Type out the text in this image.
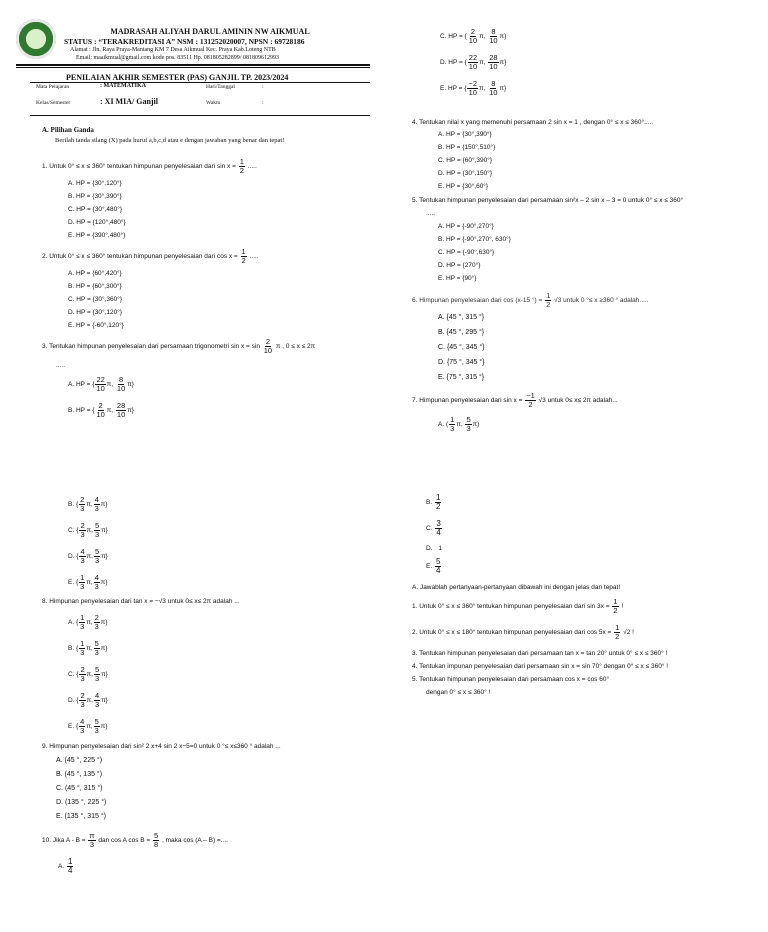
MADRASAH ALIYAH DARUL AMININ NW AIKMUAL
STATUS : “TERAKREDITASI A” NSM : 131252020007, NPSN : 69728186
Alamat : Jln. Raya Praya-Mantang KM 7 Desa Aikmual Kec. Praya Kab.Loteng NTB
Email: maaikmual@gmail.com kode pos. 83511 Hp. 081805282899/ 081809612993
PENILAIAN AKHIR SEMESTER (PAS) GANJIL TP. 2023/2024
Mata Pelajaran	: MATEMATIKA	Hari/Tanggal	:
Kelas/Semester	: XI MIA/ Ganjil	Waktu	:
A. Pilihan Ganda
Berilah tanda silang (X) pada huruf a,b,c,d atau e dengan jawaban yang benar dan tepat!
1. Untuk 0° ≤ x ≤ 360° tentukan himpunan penyelesaian dari $\sin x = \frac{1}{2}$ .....
A. HP = {30°,120°}
B. HP = {30°,390°}
C. HP = {30°,480°}
D. HP = {120°,480°}
E. HP = {390°,480°}
2. Untuk 0° ≤ x ≤ 360° tentukan himpunan penyelesaian dari $\cos x = \frac{1}{2}$ .....
A. HP = {60°,420°}
B. HP = {60°,300°}
C. HP = {30°,360°}
D. HP = {30°,120°}
E. HP = {-60°,120°}
3. Tentukan himpunan penyelesaian dari persamaan trigonometri $\sin x = \sin \frac{2}{10}$ π , 0 ≤ x ≤ 2π
.....
A. HP = { $\frac{22}{10} \pi$, $\frac{8}{10} \pi$}
B. HP = { $\frac{2}{10} \pi$, $\frac{28}{10} \pi$}
C. HP = { $\frac{2}{10} \pi$, $\frac{8}{10} \pi$}
D. HP = { $\frac{22}{10} \pi$, $\frac{28}{10} \pi$}
E. HP = { $\frac{-2}{10} \pi$, $\frac{8}{10} \pi$}
4. Tentukan nilai x yang memenuhi persamaan 2 sin x = 1 , dengan 0° ≤ x ≤ 360°.....
A. HP = {30°,390°}
B. HP = {150°,510°}
C. HP = {60°,390°}
D. HP = {30°,150°}
E. HP = {30°,60°}
5. Tentukan himpunan penyelesaian dari persamaan sin²x – 2 sin x – 3 = 0 untuk 0° ≤ x ≤ 360°
.....
A. HP = {-90°,270°}
B. HP = {-90°,270°, 630°}
C. HP = {-90°,630°}
D. HP = {270°}
E. HP = {90°}
6. Himpunan penyelesaian dari cos (x-15 °) = $\frac{1}{2} √3$ untuk 0 °≤ x ≥360 ° adalah.....
A. {45 °, 315 °}
B. {45 °, 295 °}
C. {45 °, 345 °}
D. {75 °, 345 °}
E. {75 °, 315 °}
7. Himpunan penyelesaian dari $\sin x = \frac{-1}{2} √3$ untuk 0≤ x≤ 2π adalah...
A. ( $\frac{1}{3} \pi$, $\frac{5}{3} \pi$)
B. { $\frac{2}{3} \pi$, $\frac{4}{3} \pi$}
C. { $\frac{2}{3} \pi$, $\frac{5}{3} \pi$}
D. { $\frac{4}{3} \pi$, $\frac{5}{3} \pi$}
E. { $\frac{1}{3} \pi$, $\frac{4}{3} \pi$}
8. Himpunan penyelesaian dari tan x = −√3 untuk 0≤ x≤ 2π adalah ...
A. { $\frac{1}{3} \pi$, $\frac{2}{3} \pi$}
B. { $\frac{1}{3} \pi$, $\frac{5}{3} \pi$}
C. { $\frac{2}{3} \pi$, $\frac{5}{3} \pi$}
D. { $\frac{2}{3} \pi$, $\frac{4}{3} \pi$}
E. { $\frac{4}{3} \pi$, $\frac{5}{3} \pi$}
9. Himpunan penyelesaian dari sin² 2 x+4 sin 2 x−5=0 untuk 0 °≤ x≤360 ° adalah ...
A. (45 °, 225 °)
B. (45 °, 135 °)
C. (45 °, 315 °)
D. (135 °, 225 °)
E. (135 °, 315 °)
10. Jika $A - B = \frac{\pi}{3}$ dan cos A $\cos B = \frac{5}{8}$ , maka cos (A – B) =....
A. $\frac{1}{4}$
B. $\frac{1}{2}$
C. $\frac{3}{4}$
D. 1
E. $\frac{5}{4}$
A. Jawablah pertanyaan-pertanyaan dibawah ini dengan jelas dan tepat!
1. Untuk 0° ≤ x ≤ 360° tentukan himpunan penyelesaian dari $\sin 3x = \frac{1}{2}$ !
2. Untuk 0° ≤ x ≤ 180° tentukan himpunan penyelesaian dari $\cos 5x = \frac{1}{2} √2$ !
3. Tentukan himpunan penyelesaian dari persamaan tan x = tan 20° untuk 0° ≤ x ≤ 360° !
4. Tentukan impunan penyelesaian dari persamaan sin x = sin 70° dengan 0° ≤ x ≤ 360° !
5. Tentukan himpunan penyelesaian dari persamaan cos x = cos 60°
dengan 0° ≤ x ≤ 360° !
